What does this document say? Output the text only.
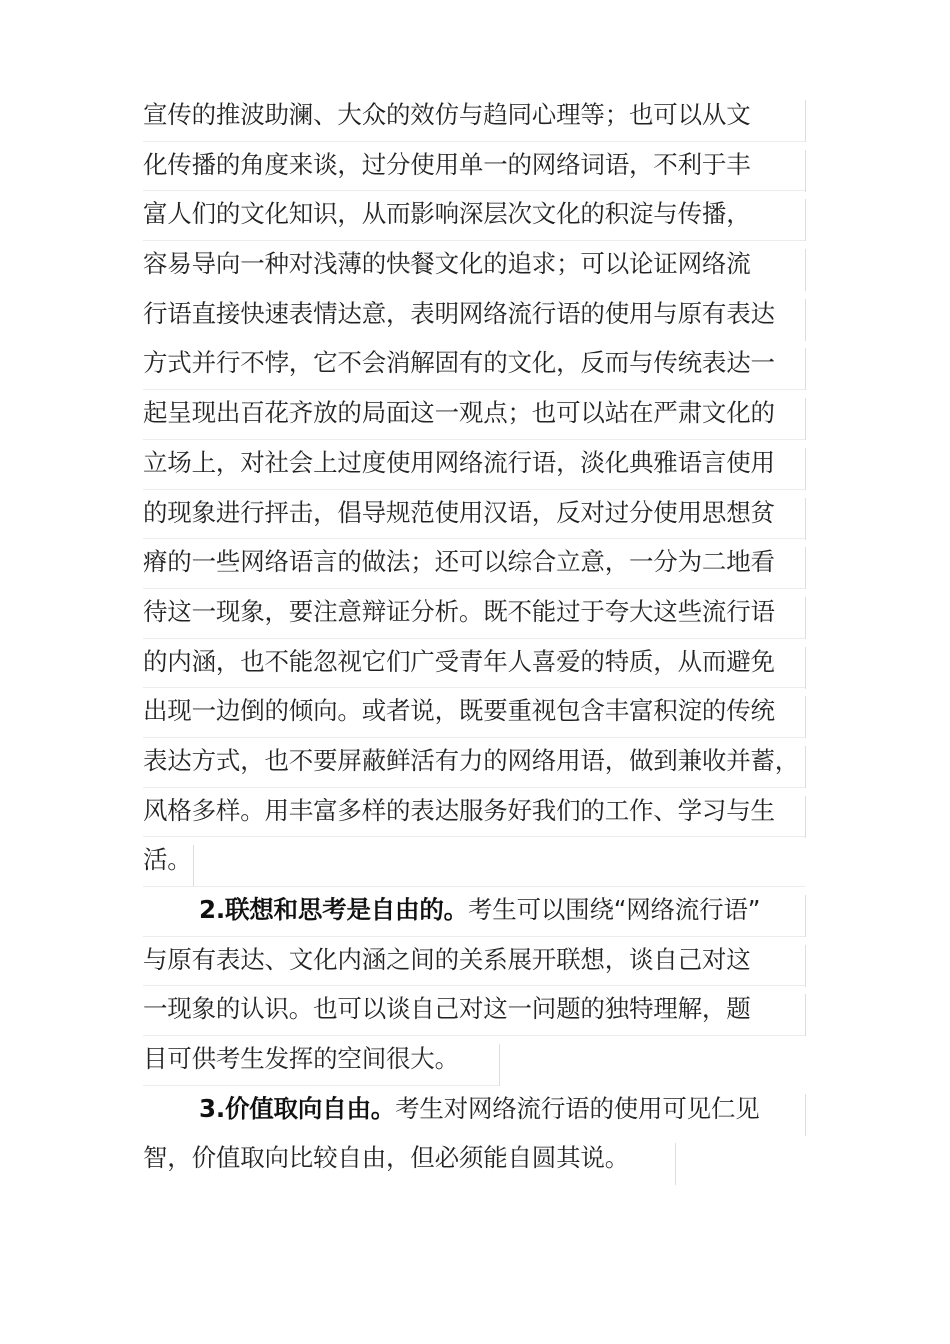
宣传的推波助澜、大众的效仿与趋同心理等；也可以从文
化传播的角度来谈，过分使用单一的网络词语，不利于丰
富人们的文化知识，从而影响深层次文化的积淀与传播，
容易导向一种对浅薄的快餐文化的追求；可以论证网络流
行语直接快速表情达意，表明网络流行语的使用与原有表达
方式并行不悖，它不会消解固有的文化，反而与传统表达一
起呈现出百花齐放的局面这一观点；也可以站在严肃文化的
立场上，对社会上过度使用网络流行语，淡化典雅语言使用
的现象进行抨击，倡导规范使用汉语，反对过分使用思想贫
瘠的一些网络语言的做法；还可以综合立意，一分为二地看
待这一现象，要注意辩证分析。既不能过于夸大这些流行语
的内涵，也不能忽视它们广受青年人喜爱的特质，从而避免
出现一边倒的倾向。或者说，既要重视包含丰富积淀的传统
表达方式，也不要屏蔽鲜活有力的网络用语，做到兼收并蓄，
风格多样。用丰富多样的表达服务好我们的工作、学习与生
活。
2.联想和思考是自由的。考生可以围绕“网络流行语”
与原有表达、文化内涵之间的关系展开联想，谈自己对这
一现象的认识。也可以谈自己对这一问题的独特理解，题
目可供考生发挥的空间很大。
3.价值取向自由。考生对网络流行语的使用可见仁见
智，价值取向比较自由，但必须能自圆其说。
